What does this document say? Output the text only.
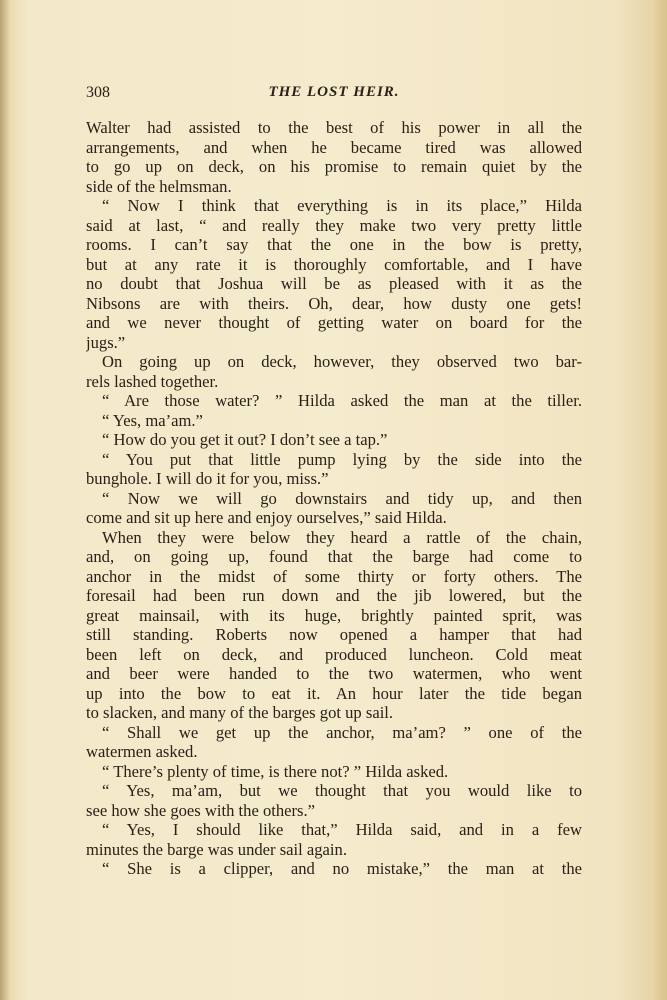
308	THE LOST HEIR.
Walter had assisted to the best of his power in all the
arrangements, and when he became tired was allowed
to go up on deck, on his promise to remain quiet by the
side of the helmsman.
“ Now I think that everything is in its place,” Hilda
said at last, “ and really they make two very pretty little
rooms. I can’t say that the one in the bow is pretty,
but at any rate it is thoroughly comfortable, and I have
no doubt that Joshua will be as pleased with it as the
Nibsons are with theirs. Oh, dear, how dusty one gets!
and we never thought of getting water on board for the
jugs.”
On going up on deck, however, they observed two bar-
rels lashed together.
“ Are those water? ” Hilda asked the man at the tiller.
“ Yes, ma’am.”
“ How do you get it out? I don’t see a tap.”
“ You put that little pump lying by the side into the
bunghole. I will do it for you, miss.”
“ Now we will go downstairs and tidy up, and then
come and sit up here and enjoy ourselves,” said Hilda.
When they were below they heard a rattle of the chain,
and, on going up, found that the barge had come to
anchor in the midst of some thirty or forty others. The
foresail had been run down and the jib lowered, but the
great mainsail, with its huge, brightly painted sprit, was
still standing. Roberts now opened a hamper that had
been left on deck, and produced luncheon. Cold meat
and beer were handed to the two watermen, who went
up into the bow to eat it. An hour later the tide began
to slacken, and many of the barges got up sail.
“ Shall we get up the anchor, ma’am? ” one of the
watermen asked.
“ There’s plenty of time, is there not? ” Hilda asked.
“ Yes, ma’am, but we thought that you would like to
see how she goes with the others.”
“ Yes, I should like that,” Hilda said, and in a few
minutes the barge was under sail again.
“ She is a clipper, and no mistake,” the man at the
